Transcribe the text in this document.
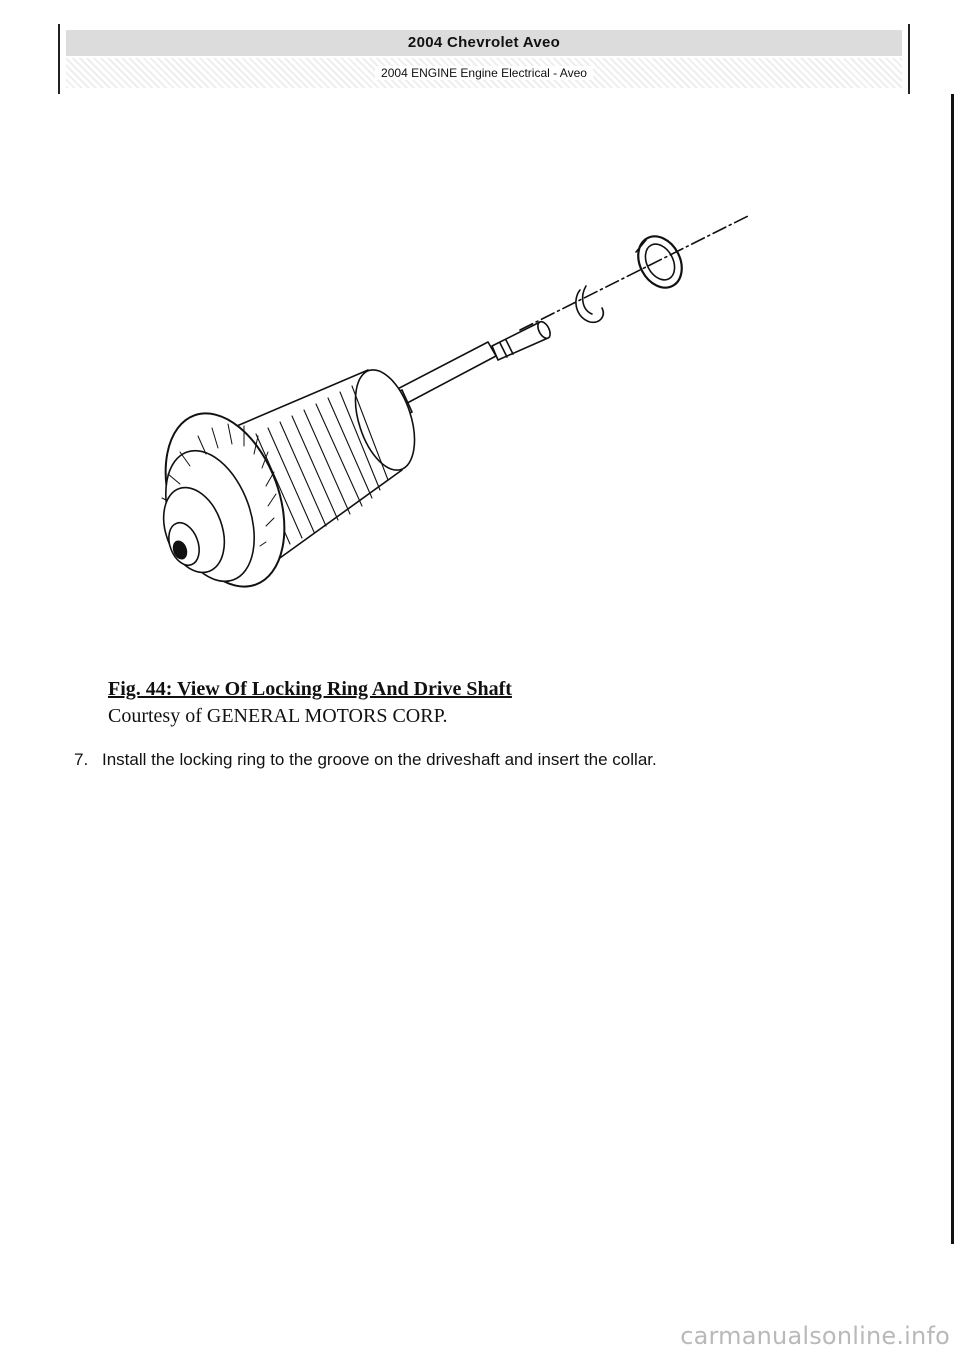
2004 Chevrolet Aveo
2004 ENGINE Engine Electrical - Aveo
Fig. 44: View Of Locking Ring And Drive Shaft
Courtesy of GENERAL MOTORS CORP.
7. Install the locking ring to the groove on the driveshaft and insert the collar.
carmanualsonline.info
